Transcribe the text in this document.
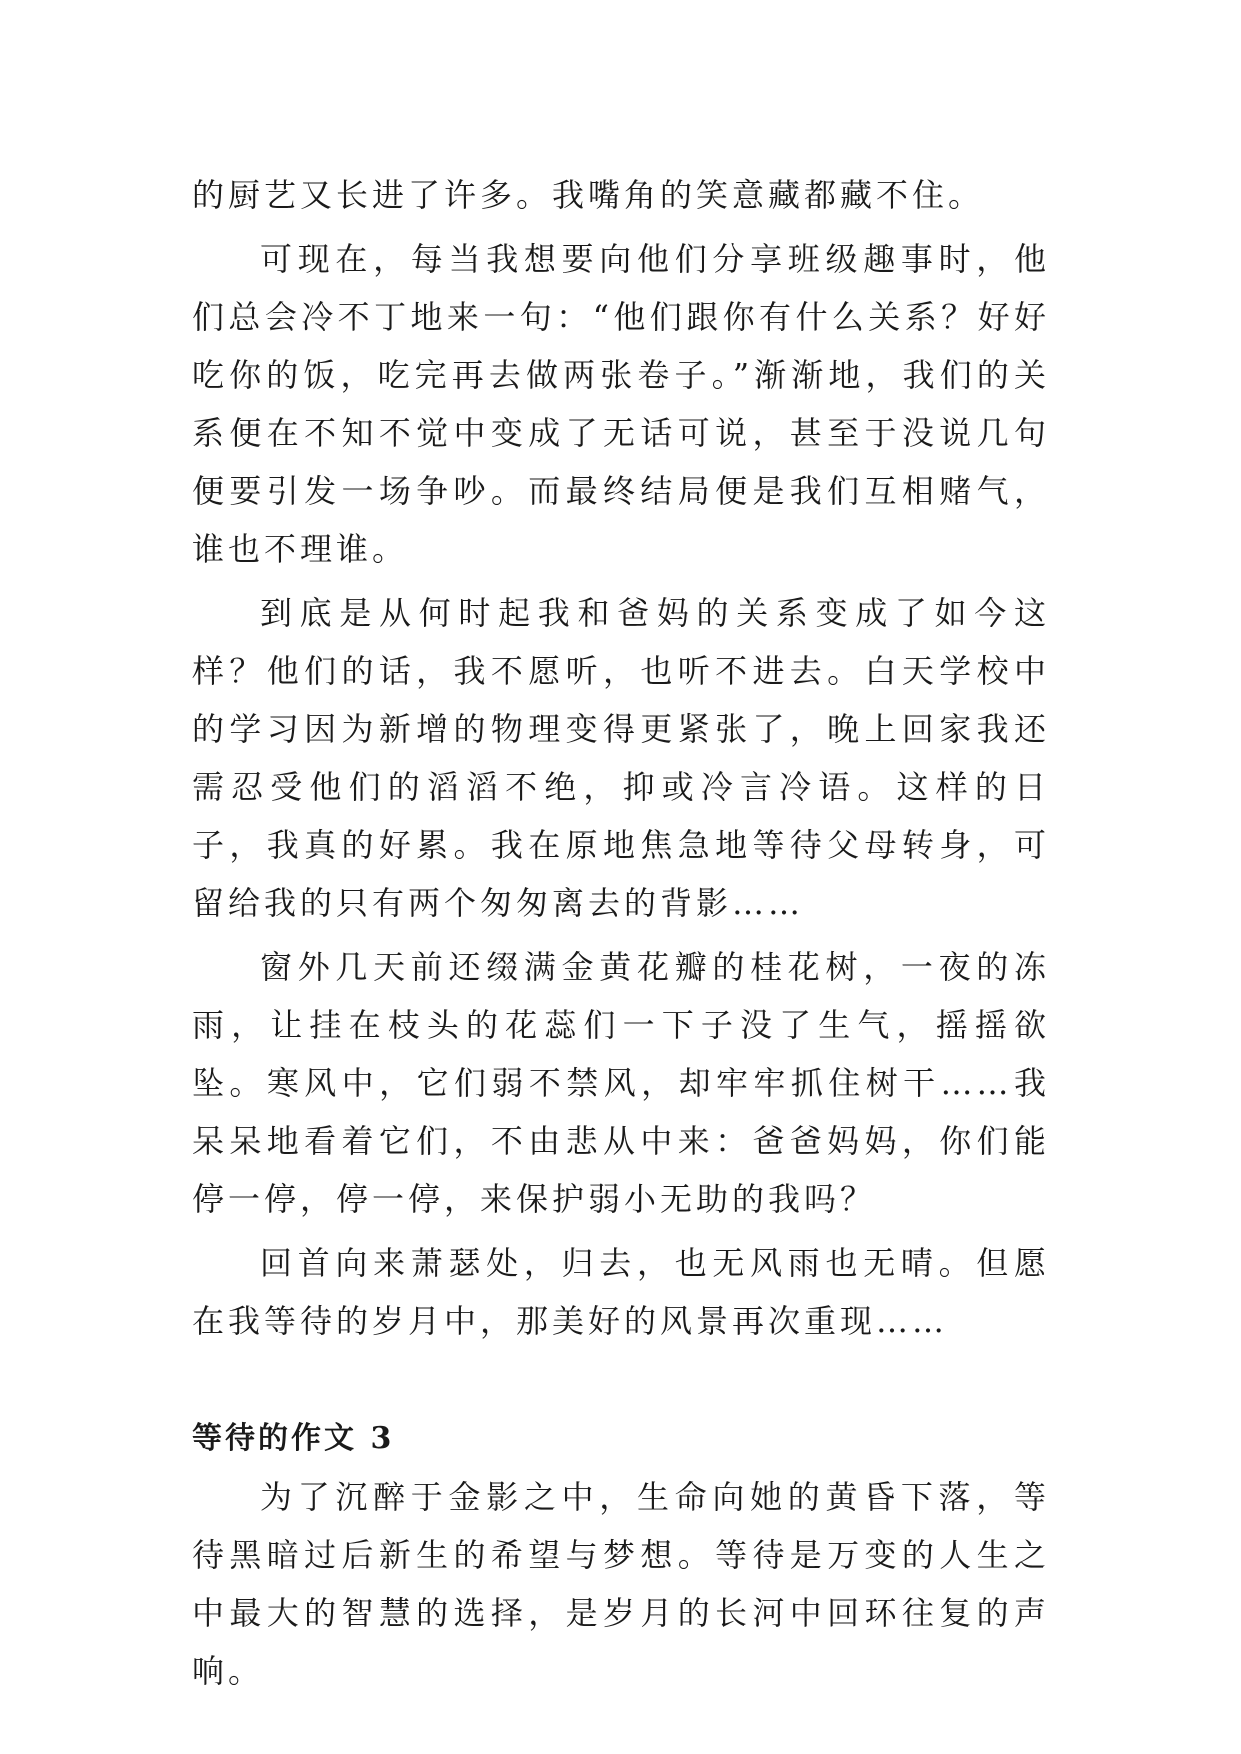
的厨艺又长进了许多。我嘴角的笑意藏都藏不住。

可现在，每当我想要向他们分享班级趣事时，他们总会冷不丁地来一句：“他们跟你有什么关系？好好吃你的饭，吃完再去做两张卷子。”渐渐地，我们的关系便在不知不觉中变成了无话可说，甚至于没说几句便要引发一场争吵。而最终结局便是我们互相赌气，谁也不理谁。

到底是从何时起我和爸妈的关系变成了如今这样？他们的话，我不愿听，也听不进去。白天学校中的学习因为新增的物理变得更紧张了，晚上回家我还需忍受他们的滔滔不绝，抑或冷言冷语。这样的日子，我真的好累。我在原地焦急地等待父母转身，可留给我的只有两个匆匆离去的背影……

窗外几天前还缀满金黄花瓣的桂花树，一夜的冻雨，让挂在枝头的花蕊们一下子没了生气，摇摇欲坠。寒风中，它们弱不禁风，却牢牢抓住树干……我呆呆地看着它们，不由悲从中来：爸爸妈妈，你们能停一停，停一停，来保护弱小无助的我吗？

回首向来萧瑟处，归去，也无风雨也无晴。但愿在我等待的岁月中，那美好的风景再次重现……

等待的作文 3

为了沉醉于金影之中，生命向她的黄昏下落，等待黑暗过后新生的希望与梦想。等待是万变的人生之中最大的智慧的选择，是岁月的长河中回环往复的声响。
